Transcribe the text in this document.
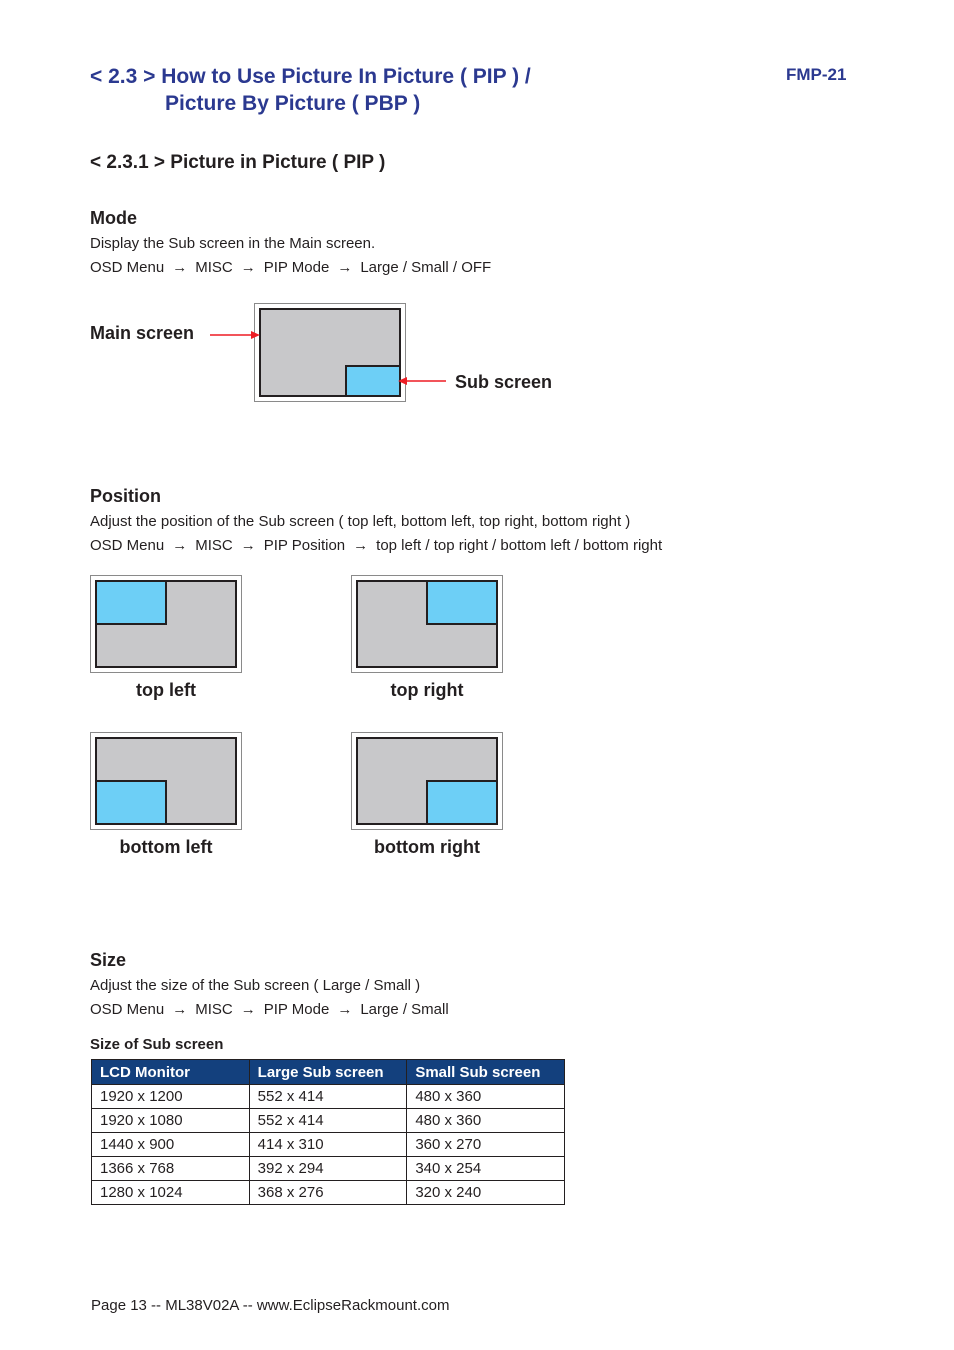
< 2.3 > How to Use Picture In Picture ( PIP ) /
Picture By Picture ( PBP )
FMP-21
< 2.3.1 > Picture in Picture ( PIP )
Mode
Display the Sub screen in the Main screen.
OSD Menu → MISC → PIP Mode → Large / Small / OFF
Main screen
Sub screen
Position
Adjust the position of the Sub screen ( top left, bottom left, top right, bottom right )
OSD Menu → MISC → PIP Position → top left / top right / bottom left / bottom right
top left	top right
bottom left	bottom right
Size
Adjust the size of the Sub screen ( Large / Small )
OSD Menu → MISC → PIP Mode → Large / Small
Size of Sub screen
LCD Monitor	Large Sub screen	Small Sub screen
1920 x 1200	552 x 414	480 x 360
1920 x 1080	552 x 414	480 x 360
1440 x 900	414 x 310	360 x 270
1366 x 768	392 x 294	340 x 254
1280 x 1024	368 x 276	320 x 240
Page 13 -- ML38V02A -- www.EclipseRackmount.com
